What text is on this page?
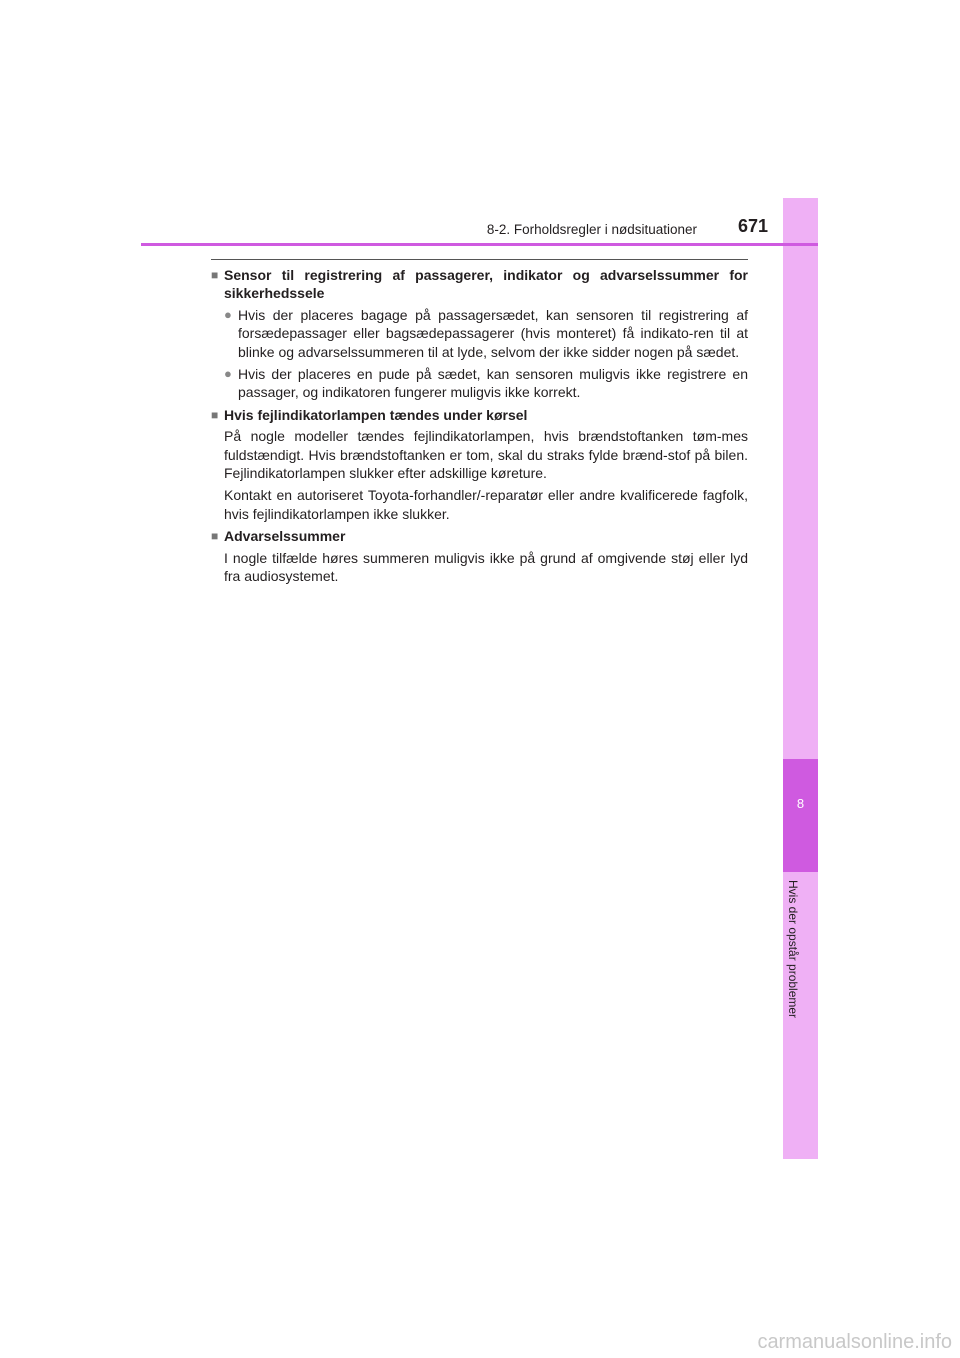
8
Hvis der opstår problemer
8-2. Forholdsregler i nødsituationer 671
■ Sensor til registrering af passagerer, indikator og advarselssummer for sikkerhedssele
● Hvis der placeres bagage på passagersædet, kan sensoren til registrering af forsædepassager eller bagsædepassagerer (hvis monteret) få indikato-ren til at blinke og advarselssummeren til at lyde, selvom der ikke sidder nogen på sædet.
● Hvis der placeres en pude på sædet, kan sensoren muligvis ikke registrere en passager, og indikatoren fungerer muligvis ikke korrekt.
■ Hvis fejlindikatorlampen tændes under kørsel
På nogle modeller tændes fejlindikatorlampen, hvis brændstoftanken tøm-mes fuldstændigt. Hvis brændstoftanken er tom, skal du straks fylde brænd-stof på bilen. Fejlindikatorlampen slukker efter adskillige køreture.
Kontakt en autoriseret Toyota-forhandler/-reparatør eller andre kvalificerede fagfolk, hvis fejlindikatorlampen ikke slukker.
■ Advarselssummer
I nogle tilfælde høres summeren muligvis ikke på grund af omgivende støj eller lyd fra audiosystemet.
carmanualsonline.info
